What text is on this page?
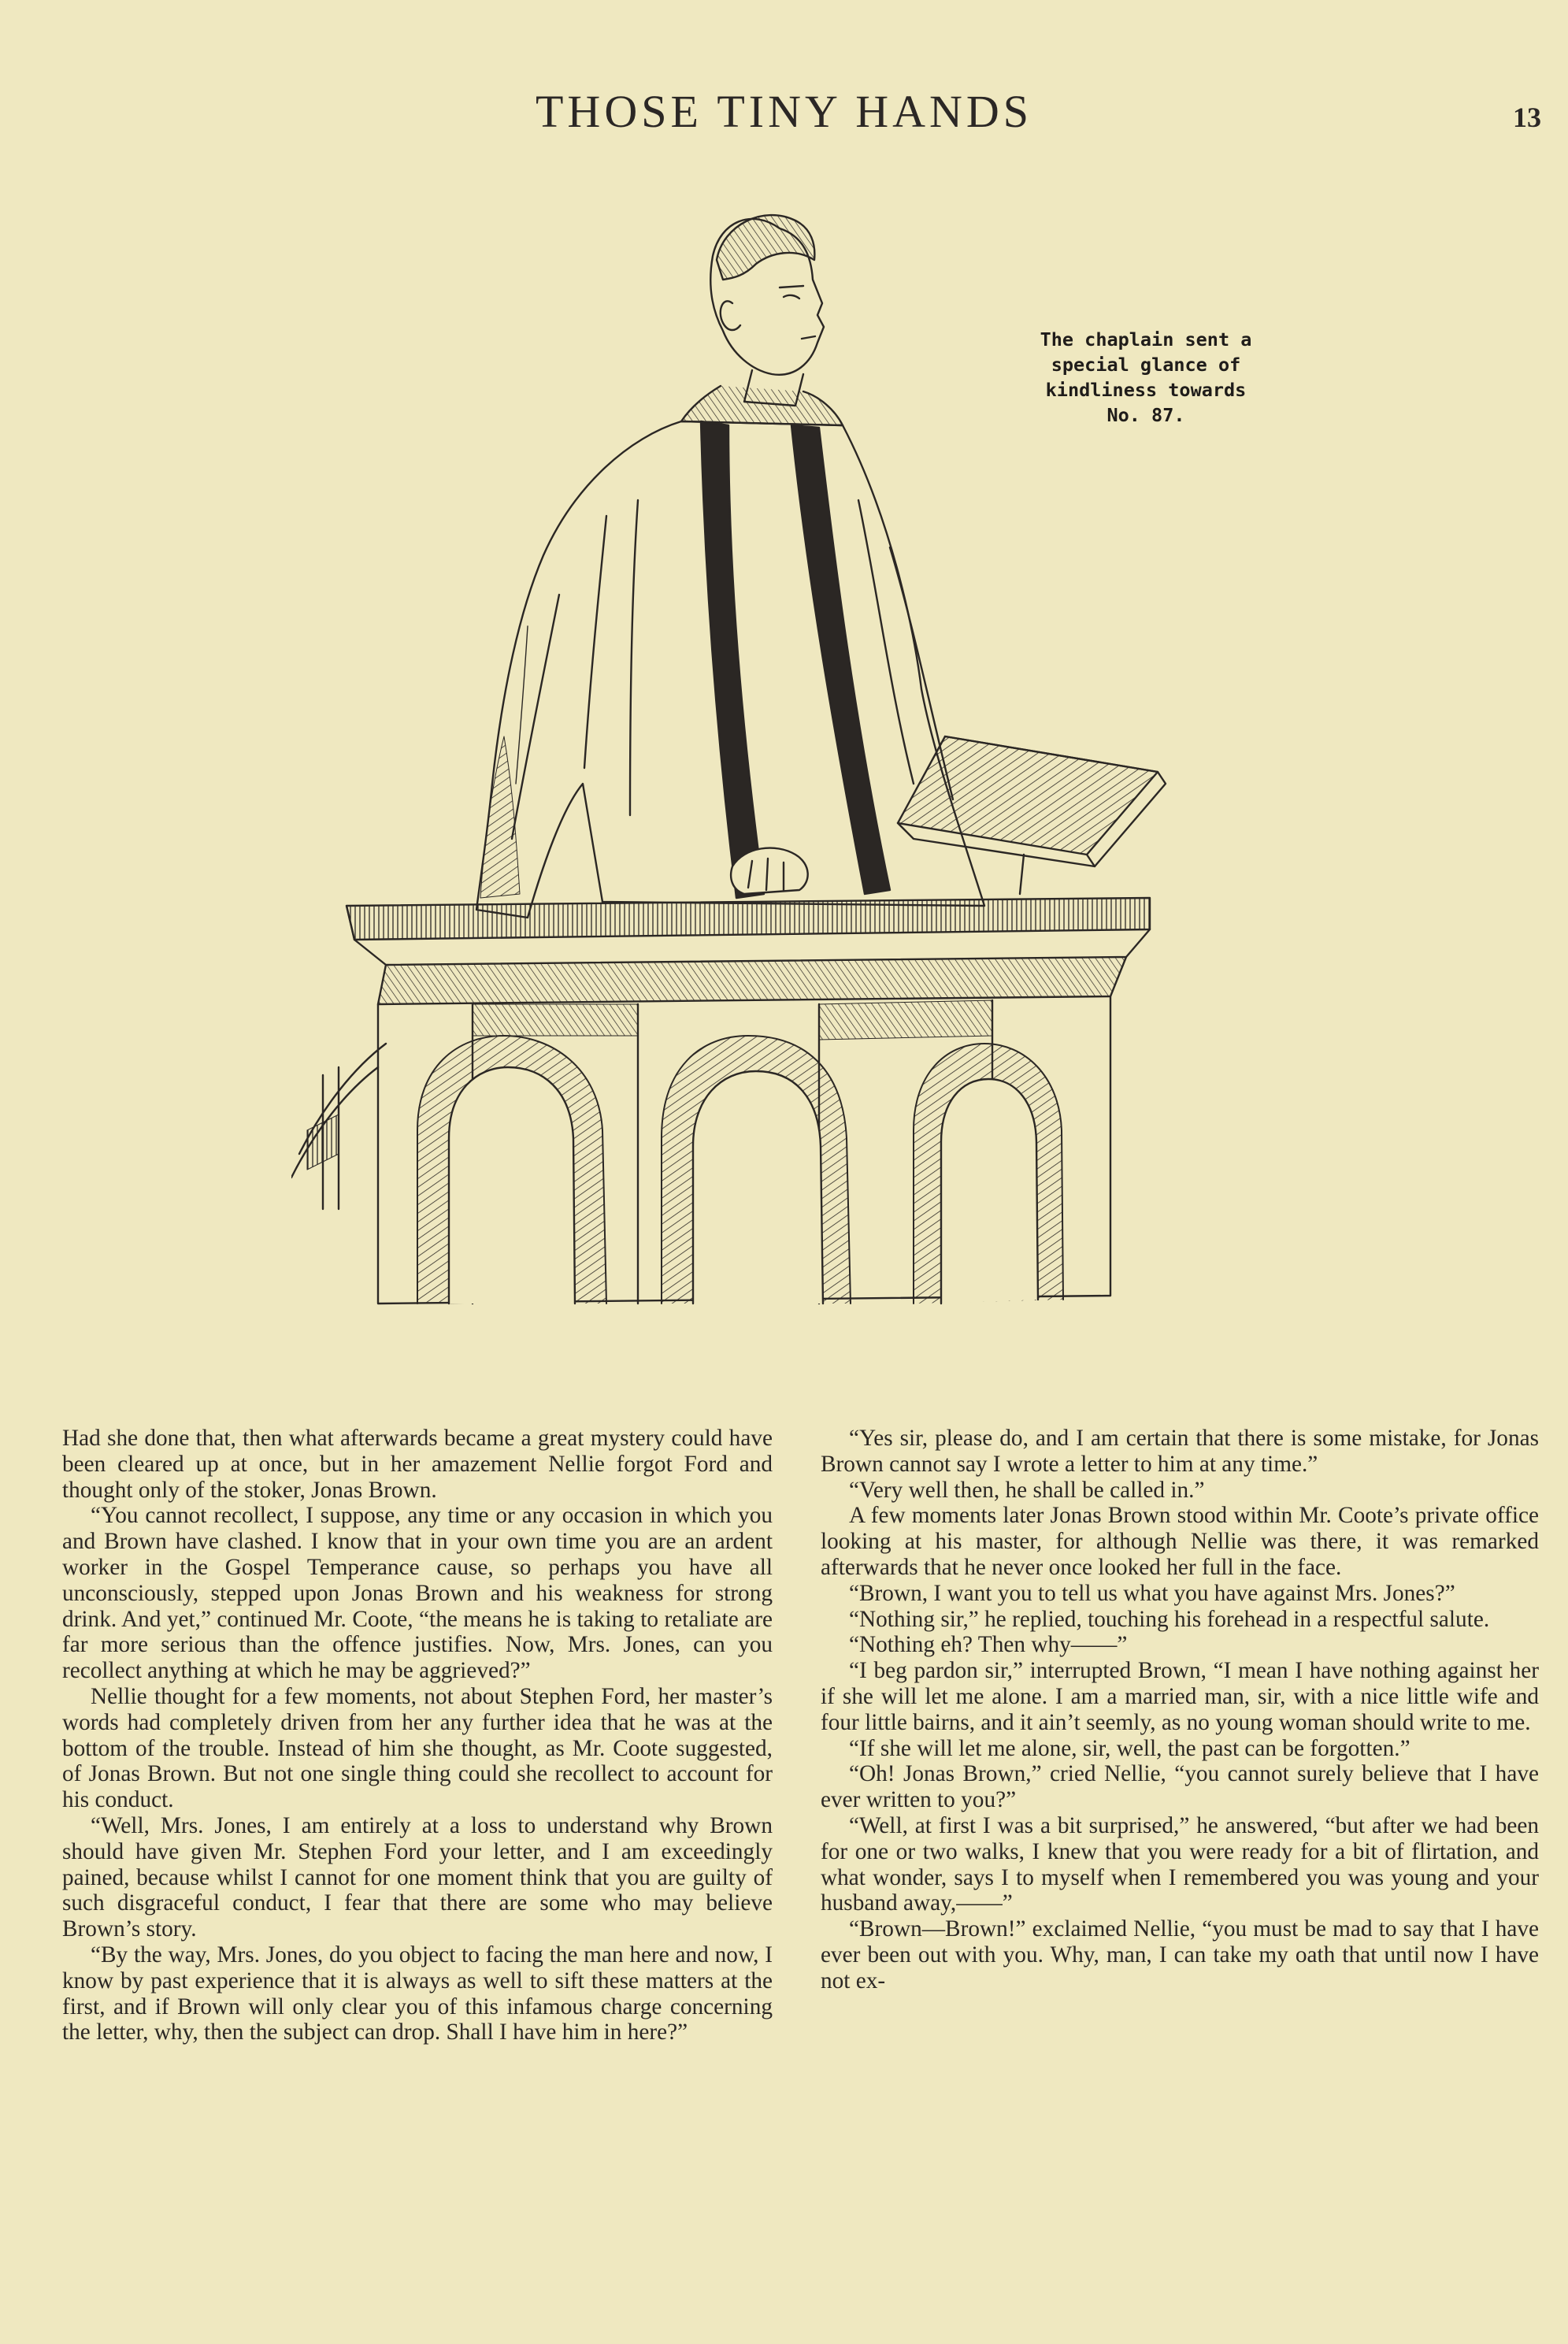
THOSE TINY HANDS	13
The chaplain sent a
special glance of
kindliness towards
No. 87.

Had she done that, then what afterwards became a great mystery could have been cleared up at once, but in her amazement Nellie forgot Ford and thought only of the stoker, Jonas Brown.

“You cannot recollect, I suppose, any time or any occasion in which you and Brown have clashed. I know that in your own time you are an ardent worker in the Gospel Temperance cause, so perhaps you have all unconsciously, stepped upon Jonas Brown and his weakness for strong drink. And yet,” continued Mr. Coote, “the means he is taking to retaliate are far more serious than the offence justifies. Now, Mrs. Jones, can you recollect anything at which he may be aggrieved?”

Nellie thought for a few moments, not about Stephen Ford, her master’s words had completely driven from her any further idea that he was at the bottom of the trouble. Instead of him she thought, as Mr. Coote suggested, of Jonas Brown. But not one single thing could she recollect to account for his conduct.

“Well, Mrs. Jones, I am entirely at a loss to understand why Brown should have given Mr. Stephen Ford your letter, and I am exceedingly pained, because whilst I cannot for one moment think that you are guilty of such disgraceful conduct, I fear that there are some who may believe Brown’s story.

“By the way, Mrs. Jones, do you object to facing the man here and now, I know by past experience that it is always as well to sift these matters at the first, and if Brown will only clear you of this infamous charge concerning the letter, why, then the subject can drop. Shall I have him in here?”

“Yes sir, please do, and I am certain that there is some mistake, for Jonas Brown cannot say I wrote a letter to him at any time.”

“Very well then, he shall be called in.”

A few moments later Jonas Brown stood within Mr. Coote’s private office looking at his master, for although Nellie was there, it was remarked afterwards that he never once looked her full in the face.

“Brown, I want you to tell us what you have against Mrs. Jones?”

“Nothing sir,” he replied, touching his forehead in a respectful salute.

“Nothing eh? Then why——”

“I beg pardon sir,” interrupted Brown, “I mean I have nothing against her if she will let me alone. I am a married man, sir, with a nice little wife and four little bairns, and it ain’t seemly, as no young woman should write to me.

“If she will let me alone, sir, well, the past can be forgotten.”

“Oh! Jonas Brown,” cried Nellie, “you cannot surely believe that I have ever written to you?”

“Well, at first I was a bit surprised,” he answered, “but after we had been for one or two walks, I knew that you were ready for a bit of flirtation, and what wonder, says I to myself when I remembered you was young and your husband away,——”

“Brown—Brown!” exclaimed Nellie, “you must be mad to say that I have ever been out with you. Why, man, I can take my oath that until now I have not ex-
